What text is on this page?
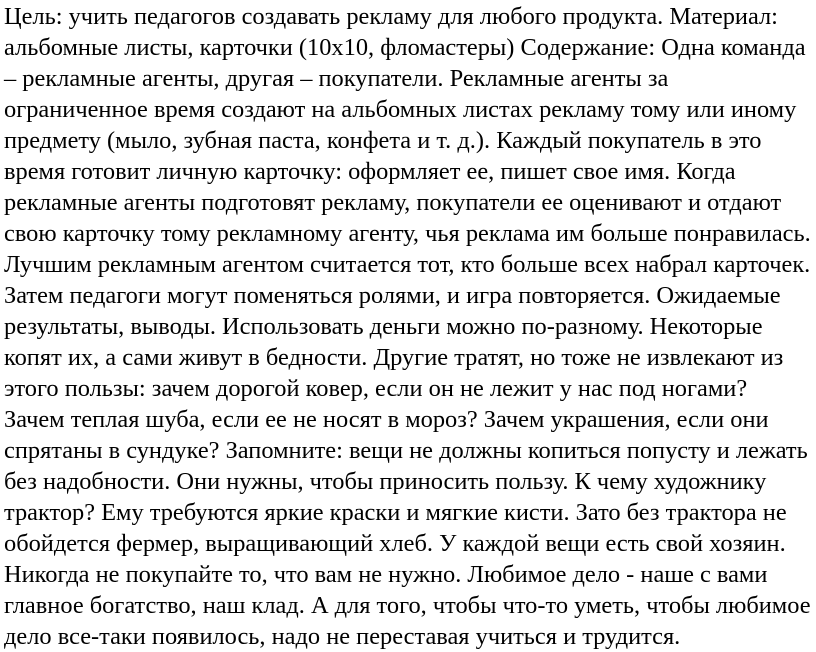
Цель: учить педагогов создавать рекламу для любого продукта. Материал:
альбомные листы, карточки (10х10, фломастеры) Содержание: Одна команда
– рекламные агенты, другая – покупатели. Рекламные агенты за
ограниченное время создают на альбомных листах рекламу тому или иному
предмету (мыло, зубная паста, конфета и т. д.). Каждый покупатель в это
время готовит личную карточку: оформляет ее, пишет свое имя. Когда
рекламные агенты подготовят рекламу, покупатели ее оценивают и отдают
свою карточку тому рекламному агенту, чья реклама им больше понравилась.
Лучшим рекламным агентом считается тот, кто больше всех набрал карточек.
Затем педагоги могут поменяться ролями, и игра повторяется. Ожидаемые
результаты, выводы. Использовать деньги можно по-разному. Некоторые
копят их, а сами живут в бедности. Другие тратят, но тоже не извлекают из
этого пользы: зачем дорогой ковер, если он не лежит у нас под ногами?
Зачем теплая шуба, если ее не носят в мороз? Зачем украшения, если они
спрятаны в сундуке? Запомните: вещи не должны копиться попусту и лежать
без надобности. Они нужны, чтобы приносить пользу. К чему художнику
трактор? Ему требуются яркие краски и мягкие кисти. Зато без трактора не
обойдется фермер, выращивающий хлеб. У каждой вещи есть свой хозяин.
Никогда не покупайте то, что вам не нужно. Любимое дело - наше с вами
главное богатство, наш клад. А для того, чтобы что-то уметь, чтобы любимое
дело все-таки появилось, надо не переставая учиться и трудится.
